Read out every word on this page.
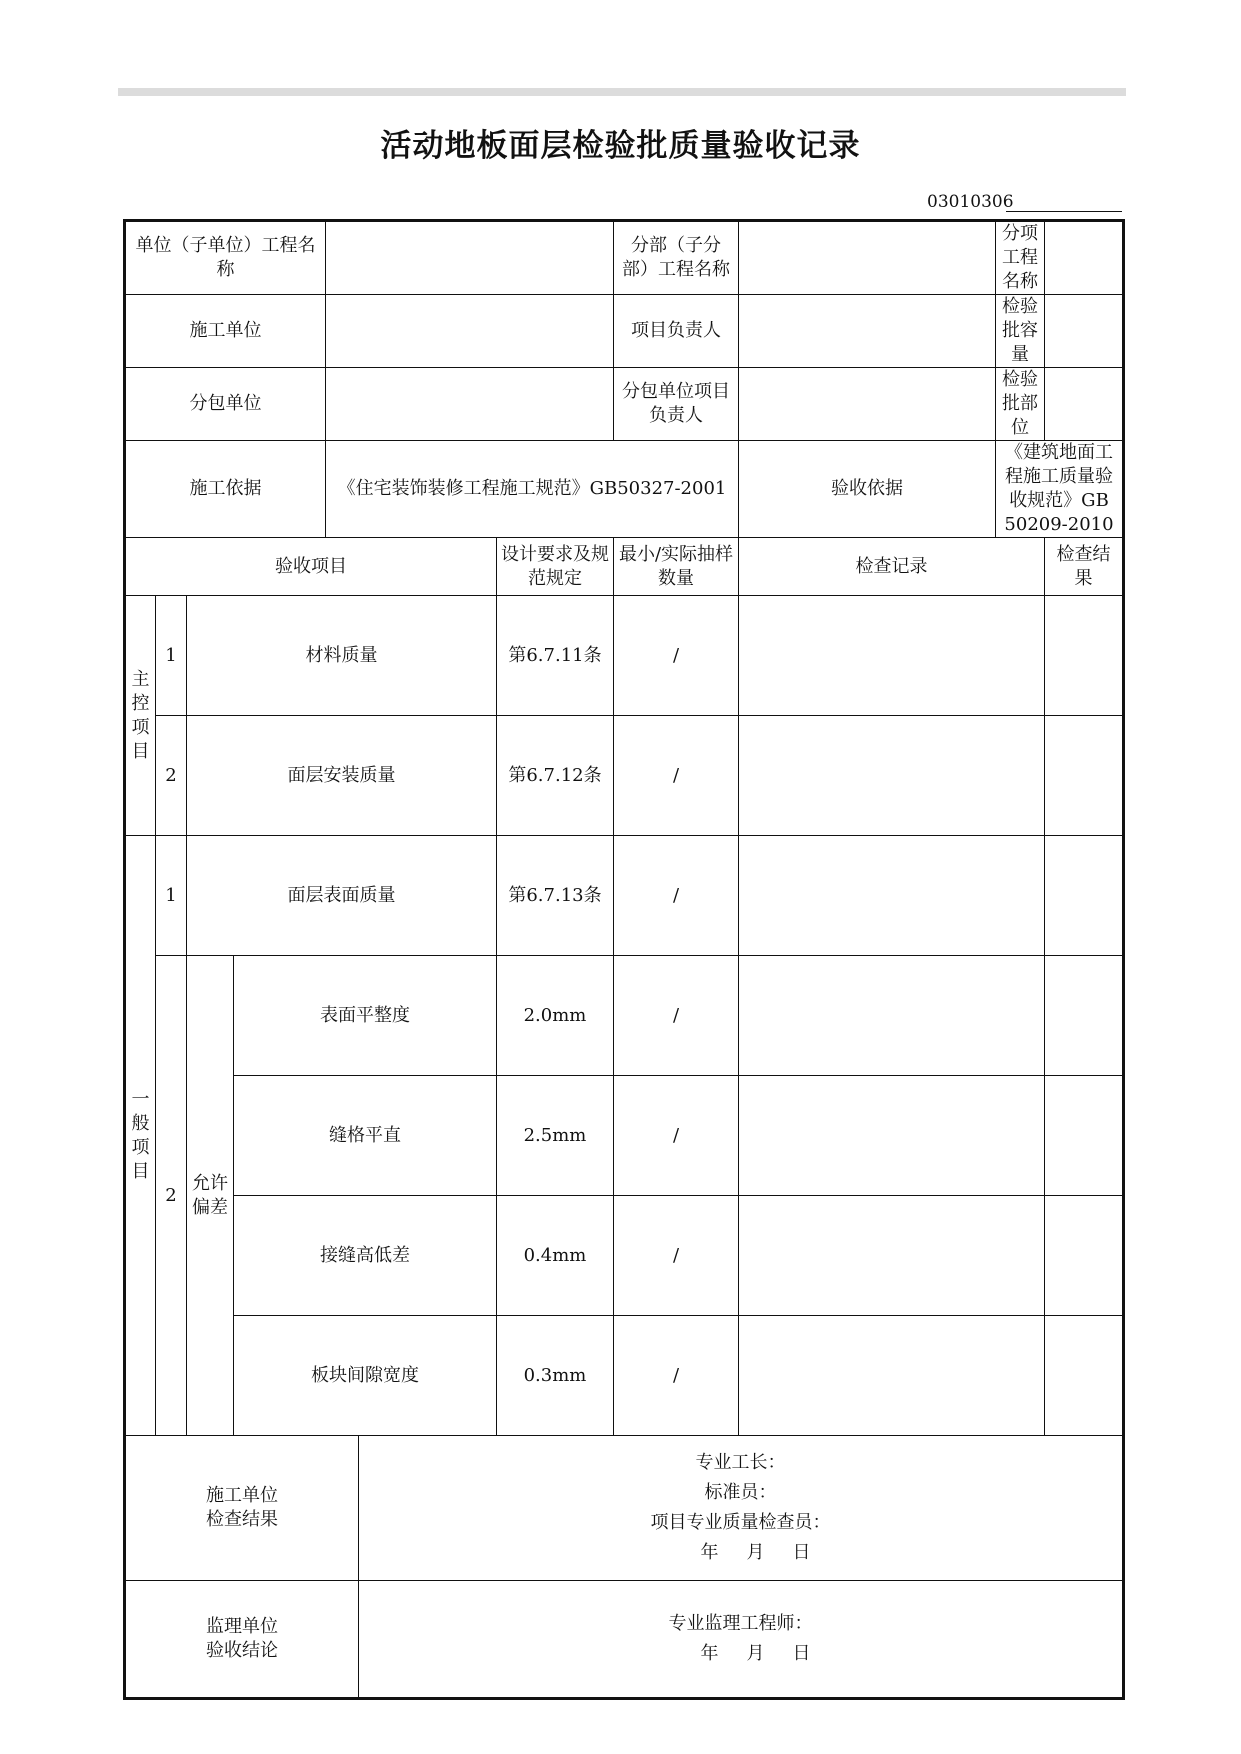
活动地板面层检验批质量验收记录
03010306
单位（子单位）工程名称							分部（子分部）工程名称		分项工程名称	
施工单位							项目负责人		检验批容量	
分包单位							分包单位项目负责人		检验批部位	
施工依据				《住宅装饰装修工程施工规范》GB50327-2001				验收依据	《建筑地面工程施工质量验收规范》GB 50209-2010	
验收项目						设计要求及规范规定	最小/实际抽样数量	检查记录		检查结果
主控项目	1	材料质量				第6.7.11条	/			
	2	面层安装质量				第6.7.12条	/			
一般项目	1	面层表面质量				第6.7.13条	/			
	2	允许偏差	表面平整度			2.0mm	/			
			缝格平直			2.5mm	/			
			接缝高低差			0.4mm	/			
			板块间隙宽度			0.3mm	/			
施工单位检查结果					专业工长：
标准员：
项目专业质量检查员：
年 月 日					

监理单位验收结论					专业监理工程师：
年 月 日					
